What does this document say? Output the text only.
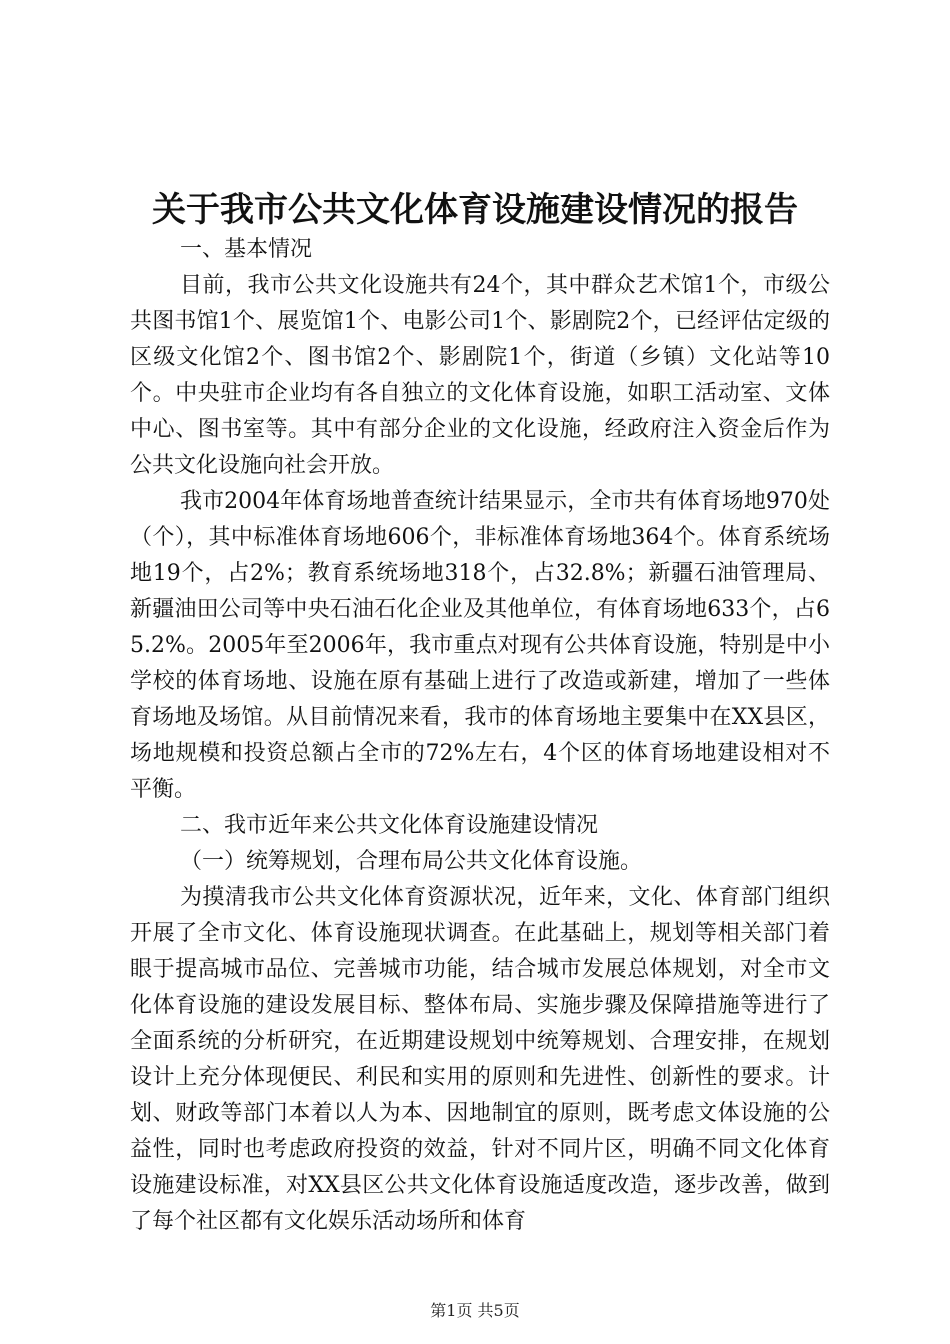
关于我市公共文化体育设施建设情况的报告

一、基本情况

目前，我市公共文化设施共有24个，其中群众艺术馆1个，市级公共图书馆1个、展览馆1个、电影公司1个、影剧院2个，已经评估定级的区级文化馆2个、图书馆2个、影剧院1个，街道（乡镇）文化站等10个。中央驻市企业均有各自独立的文化体育设施，如职工活动室、文体中心、图书室等。其中有部分企业的文化设施，经政府注入资金后作为公共文化设施向社会开放。

我市2004年体育场地普查统计结果显示，全市共有体育场地970处（个），其中标准体育场地606个，非标准体育场地364个。体育系统场地19个，占2%；教育系统场地318个，占32.8%；新疆石油管理局、新疆油田公司等中央石油石化企业及其他单位，有体育场地633个，占65.2%。2005年至2006年，我市重点对现有公共体育设施，特别是中小学校的体育场地、设施在原有基础上进行了改造或新建，增加了一些体育场地及场馆。从目前情况来看，我市的体育场地主要集中在XX县区，场地规模和投资总额占全市的72%左右，4个区的体育场地建设相对不平衡。

二、我市近年来公共文化体育设施建设情况

（一）统筹规划，合理布局公共文化体育设施。

为摸清我市公共文化体育资源状况，近年来，文化、体育部门组织开展了全市文化、体育设施现状调查。在此基础上，规划等相关部门着眼于提高城市品位、完善城市功能，结合城市发展总体规划，对全市文化体育设施的建设发展目标、整体布局、实施步骤及保障措施等进行了全面系统的分析研究，在近期建设规划中统筹规划、合理安排，在规划设计上充分体现便民、利民和实用的原则和先进性、创新性的要求。计划、财政等部门本着以人为本、因地制宜的原则，既考虑文体设施的公益性，同时也考虑政府投资的效益，针对不同片区，明确不同文化体育设施建设标准，对XX县区公共文化体育设施适度改造，逐步改善，做到了每个社区都有文化娱乐活动场所和体育

第1页 共5页
